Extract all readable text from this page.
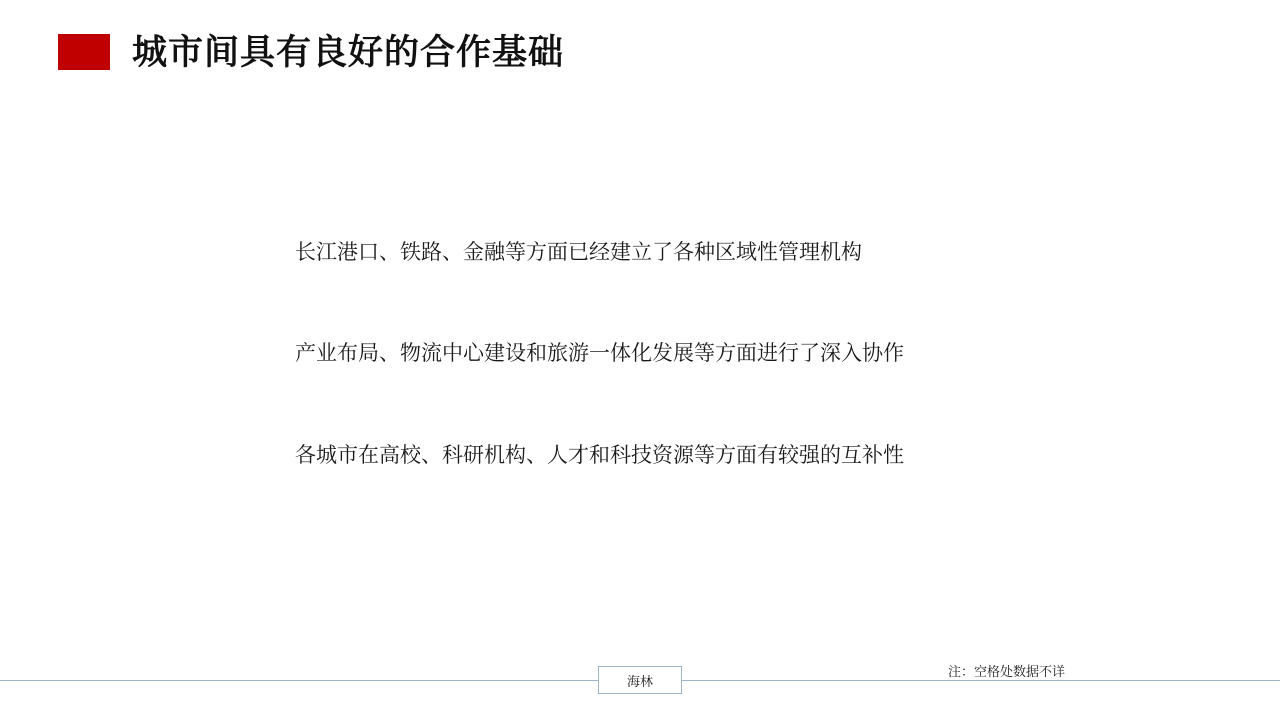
城市间具有良好的合作基础
长江港口、铁路、金融等方面已经建立了各种区域性管理机构
产业布局、物流中心建设和旅游一体化发展等方面进行了深入协作
各城市在高校、科研机构、人才和科技资源等方面有较强的互补性
注：空格处数据不详
海林
